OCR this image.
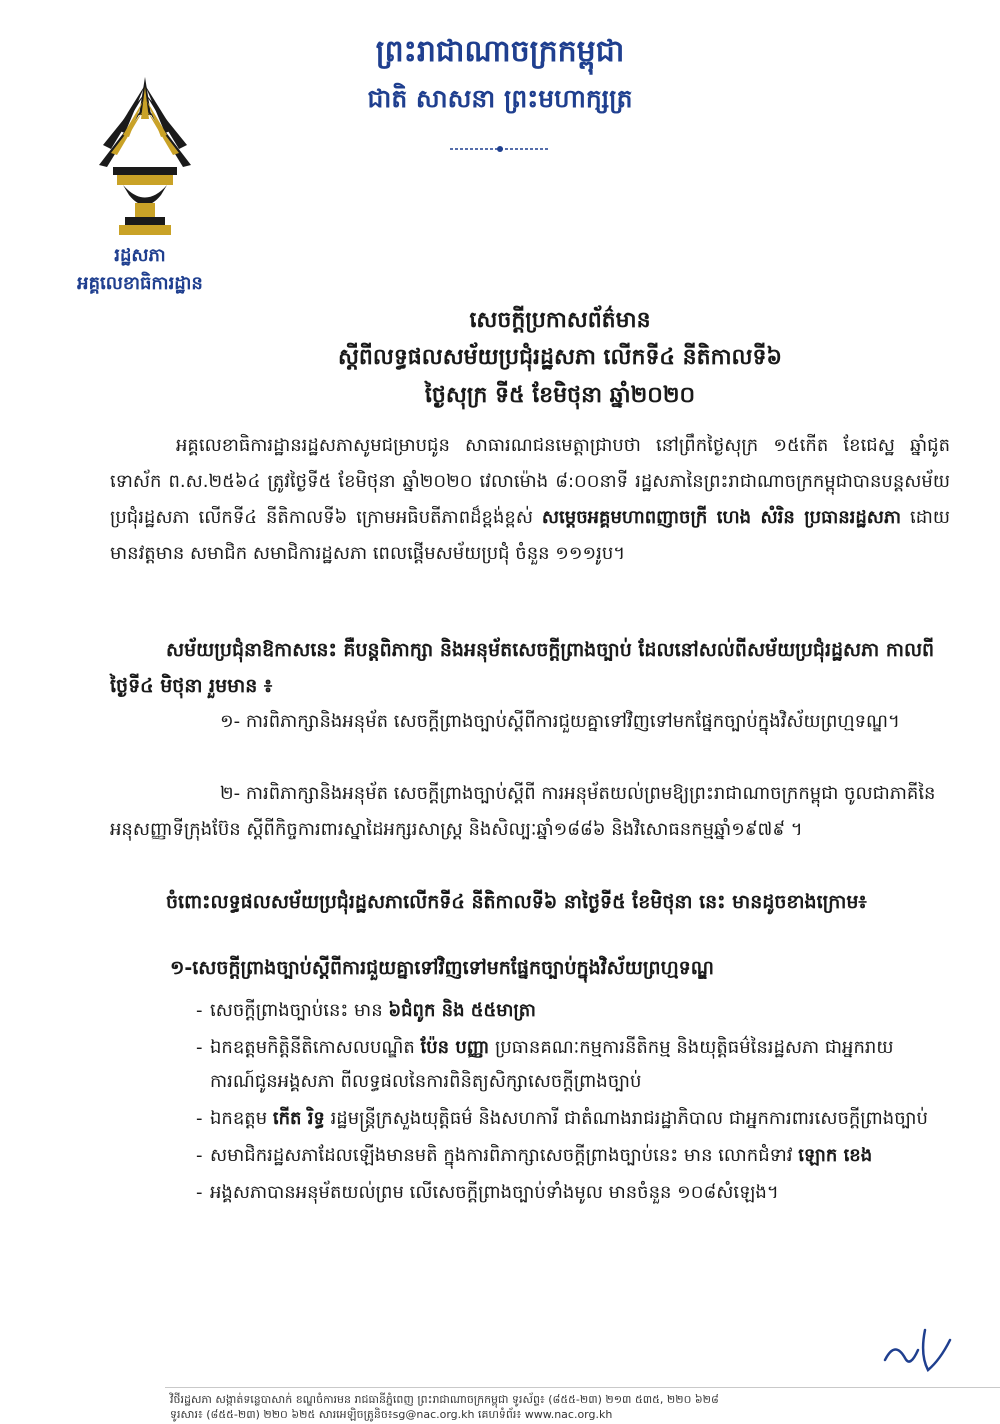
ព្រះរាជាណាចក្រកម្ពុជា
ជាតិ សាសនា ព្រះមហាក្សត្រ
រដ្ឋសភា
អគ្គលេខាធិការដ្ឋាន
សេចក្តីប្រកាសព័ត៌មាន
ស្តីពីលទ្ធផលសម័យប្រជុំរដ្ឋសភា លើកទី៤ នីតិកាលទី៦
ថ្ងៃសុក្រ ទី៥ ខែមិថុនា ឆ្នាំ២០២០
អគ្គលេខាធិការដ្ឋានរដ្ឋសភាសូមជម្រាបជូន សាធារណជនមេត្តាជ្រាបថា នៅព្រឹកថ្ងៃសុក្រ ១៥កើត ខែជេស្ឋ ឆ្នាំជូត ទោស័ក ព.ស.២៥៦៤ ត្រូវថ្ងៃទី៥ ខែមិថុនា ឆ្នាំ២០២០ វេលាម៉ោង ៨:០០នាទី រដ្ឋសភានៃព្រះរាជាណាចក្រកម្ពុជាបានបន្តសម័យប្រជុំរដ្ឋសភា លើកទី៤ នីតិកាលទី៦ ក្រោមអធិបតីភាពដ៏ខ្ពង់ខ្ពស់ សម្តេចអគ្គមហាពញាចក្រី ហេង សំរិន ប្រធានរដ្ឋសភា ដោយមានវត្តមាន សមាជិក សមាជិការដ្ឋសភា ពេលផ្តើមសម័យប្រជុំ ចំនួន ១១១រូប។
សម័យប្រជុំនាឱកាសនេះ គឺបន្តពិភាក្សា និងអនុម័តសេចក្តីព្រាងច្បាប់ ដែលនៅសល់ពីសម័យប្រជុំរដ្ឋសភា កាលពីថ្ងៃទី៤ មិថុនា រួមមាន ៖
១- ការពិភាក្សានិងអនុម័ត សេចក្តីព្រាងច្បាប់ស្តីពីការជួយគ្នាទៅវិញទៅមកផ្នែកច្បាប់ក្នុងវិស័យព្រហ្មទណ្ឌ។
២- ការពិភាក្សានិងអនុម័ត សេចក្តីព្រាងច្បាប់ស្តីពី ការអនុម័តយល់ព្រមឱ្យព្រះរាជាណាចក្រកម្ពុជា ចូលជាភាគីនៃអនុសញ្ញាទីក្រុងប៊ែន ស្តីពីកិច្ចការពារស្នាដៃអក្សរសាស្ត្រ និងសិល្បៈឆ្នាំ១៨៨៦ និងវិសោធនកម្មឆ្នាំ១៩៧៩ ។
ចំពោះលទ្ធផលសម័យប្រជុំរដ្ឋសភាលើកទី៤ នីតិកាលទី៦ នាថ្ងៃទី៥ ខែមិថុនា នេះ មានដូចខាងក្រោម៖
១-សេចក្តីព្រាងច្បាប់ស្តីពីការជួយគ្នាទៅវិញទៅមកផ្នែកច្បាប់ក្នុងវិស័យព្រហ្មទណ្ឌ
- សេចក្តីព្រាងច្បាប់នេះ មាន ៦ជំពូក និង ៥៥មាត្រា
- ឯកឧត្តមកិត្តិនីតិកោសលបណ្ឌិត ប៉ែន បញ្ញា ប្រធានគណៈកម្មការនីតិកម្ម និងយុត្តិធម៌នៃរដ្ឋសភា ជាអ្នករាយការណ៍ជូនអង្គសភា ពីលទ្ធផលនៃការពិនិត្យសិក្សាសេចក្តីព្រាងច្បាប់
- ឯកឧត្តម កើត រិទ្ធ រដ្ឋមន្ត្រីក្រសួងយុត្តិធម៌ និងសហការី ជាតំណាងរាជរដ្ឋាភិបាល ជាអ្នកការពារសេចក្តីព្រាងច្បាប់
- សមាជិករដ្ឋសភាដែលឡើងមានមតិ ក្នុងការពិភាក្សាសេចក្តីព្រាងច្បាប់នេះ មាន លោកជំទាវ ឡោក ខេង
- អង្គសភាបានអនុម័តយល់ព្រម លើសេចក្តីព្រាងច្បាប់ទាំងមូល មានចំនួន ១០៨សំឡេង។
វិថីរដ្ឋសភា សង្កាត់ទន្លេបាសាក់ ខណ្ឌចំការមន រាជធានីភ្នំពេញ ព្រះរាជាណាចក្រកម្ពុជា ទូរស័ព្ទ៖ (៨៥៥-២៣) ២១៣ ៥៣៥, ២២០ ៦២៨
ទូរសារ៖ (៨៥៥-២៣) ២២០ ៦២៥ សារអេឡិចត្រូនិច៖sg@nac.org.kh គេហទំព័រ៖ www.nac.org.kh
